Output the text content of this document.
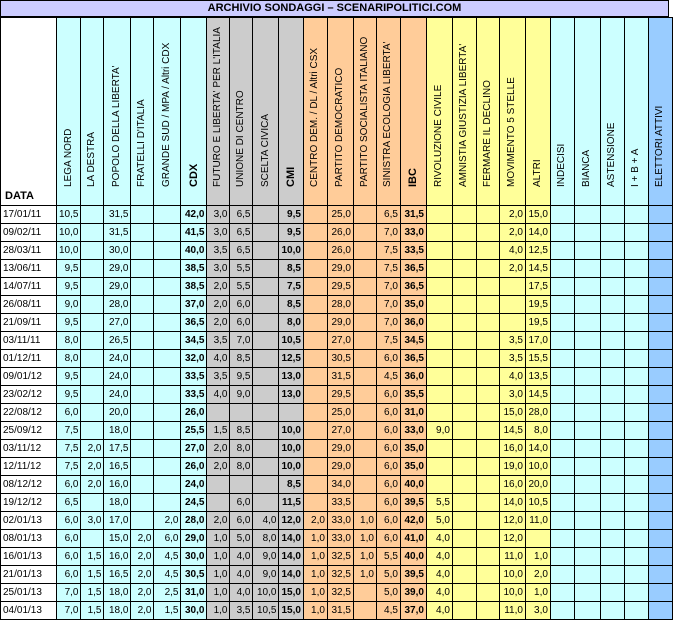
ARCHIVIO SONDAGGI – SCENARIPOLITICI.COM
DATA	LEGA NORD	LA DESTRA	POPOLO DELLA LIBERTA'	FRATELLI D'ITALIA	GRANDE SUD / MPA / Altri CDX	CDX	FUTURO E LIBERTA' PER L'ITALIA	UNIONE DI CENTRO	SCELTA CIVICA	CMI	CENTRO DEM. / DL / Altri CSX	PARTITO DEMOCRATICO	PARTITO SOCIALISTA ITALIANO	SINISTRA ECOLOGIA LIBERTA'	IBC	RIVOLUZIONE CIVILE	AMNISTIA GIUSTIZIA LIBERTA'	FERMARE IL DECLINO	MOVIMENTO 5 STELLE	ALTRI	INDECISI	BIANCA	ASTENSIONE	I + B + A	ELETTORI ATTIVI

17/01/11	10,5		31,5			42,0	3,0	6,5		9,5		25,0		6,5	31,5				2,0	15,0					
09/02/11	10,0		31,5			41,5	3,0	6,5		9,5		26,0		7,0	33,0				2,0	14,0					
28/03/11	10,0		30,0			40,0	3,5	6,5		10,0		26,0		7,5	33,5				4,0	12,5					
13/06/11	9,5		29,0			38,5	3,0	5,5		8,5		29,0		7,5	36,5				2,0	14,5					
14/07/11	9,5		29,0			38,5	2,0	5,5		7,5		29,5		7,0	36,5					17,5					
26/08/11	9,0		28,0			37,0	2,0	6,0		8,5		28,0		7,0	35,0					19,5					
21/09/11	9,5		27,0			36,5	2,0	6,0		8,0		29,0		7,0	36,0					19,5					
03/11/11	8,0		26,5			34,5	3,5	7,0		10,5		27,0		7,5	34,5				3,5	17,0					
01/12/11	8,0		24,0			32,0	4,0	8,5		12,5		30,5		6,0	36,5				3,5	15,5					
09/01/12	9,5		24,0			33,5	3,5	9,5		13,0		31,5		4,5	36,0				4,0	13,5					
23/02/12	9,5		24,0			33,5	4,0	9,0		13,0		29,5		6,0	35,5				3,0	14,5					
22/08/12	6,0		20,0			26,0						25,0		6,0	31,0				15,0	28,0					
25/09/12	7,5		18,0			25,5	1,5	8,5		10,0		27,0		6,0	33,0	9,0			14,5	8,0					
03/11/12	7,5	2,0	17,5			27,0	2,0	8,0		10,0		29,0		6,0	35,0				16,0	14,0					
12/11/12	7,5	2,0	16,5			26,0	2,0	8,0		10,0		29,0		6,0	35,0				19,0	10,0					
08/12/12	6,0	2,0	16,0			24,0				8,5		34,0		6,0	40,0				16,0	20,0					
19/12/12	6,5		18,0			24,5		6,0		11,5		33,5		6,0	39,5	5,5			14,0	10,5					
02/01/13	6,0	3,0	17,0		2,0	28,0	2,0	6,0	4,0	12,0	2,0	33,0	1,0	6,0	42,0	5,0			12,0	11,0					
08/01/13	6,0		15,0	2,0	6,0	29,0	1,0	5,0	8,0	14,0	1,0	33,0	1,0	6,0	41,0	4,0			12,0						
16/01/13	6,0	1,5	16,0	2,0	4,5	30,0	1,0	4,0	9,0	14,0	1,0	32,5	1,0	5,5	40,0	4,0			11,0	1,0					
21/01/13	6,0	1,5	16,5	2,0	4,5	30,5	1,0	4,0	9,0	14,0	1,0	32,5	1,0	5,0	39,5	4,0			10,0	2,0					
25/01/13	7,0	1,5	18,0	2,0	2,5	31,0	1,0	4,0	10,0	15,0	1,0	32,5		5,0	39,0	4,0			10,0	1,0					
04/01/13	7,0	1,5	18,0	2,0	1,5	30,0	1,0	3,5	10,5	15,0	1,0	31,5		4,5	37,0	4,0			11,0	3,0					
